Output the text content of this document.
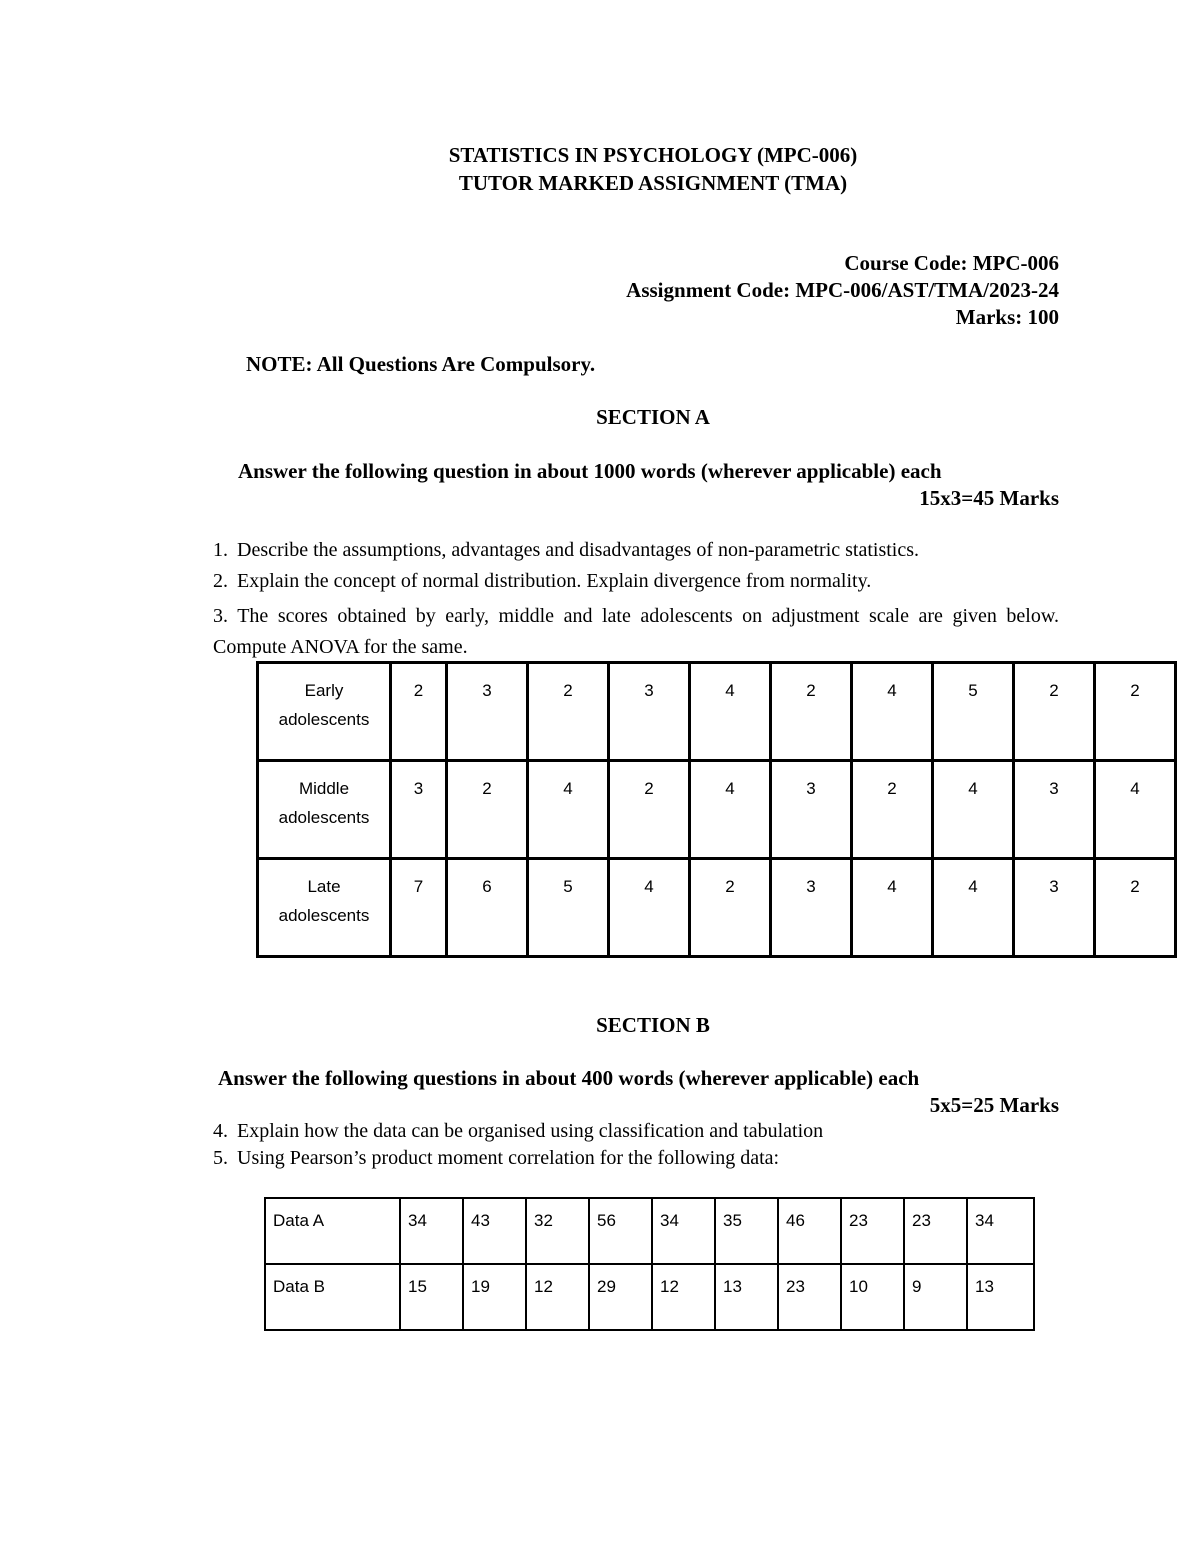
STATISTICS IN PSYCHOLOGY (MPC-006)
TUTOR MARKED ASSIGNMENT (TMA)
Course Code: MPC-006
Assignment Code: MPC-006/AST/TMA/2023-24
Marks: 100
NOTE: All Questions Are Compulsory.
SECTION A
Answer the following question in about 1000 words (wherever applicable) each
15x3=45 Marks
1. Describe the assumptions, advantages and disadvantages of non-parametric statistics.
2. Explain the concept of normal distribution. Explain divergence from normality.
3. The scores obtained by early, middle and late adolescents on adjustment scale are given below. Compute ANOVA for the same.
Early adolescents	2	3	2	3	4	2	4	5	2	2
Middle adolescents	3	2	4	2	4	3	2	4	3	4
Late adolescents	7	6	5	4	2	3	4	4	3	2
SECTION B
Answer the following questions in about 400 words (wherever applicable) each
5x5=25 Marks
4. Explain how the data can be organised using classification and tabulation
5. Using Pearson’s product moment correlation for the following data:
Data A	34	43	32	56	34	35	46	23	23	34
Data B	15	19	12	29	12	13	23	10	9	13
